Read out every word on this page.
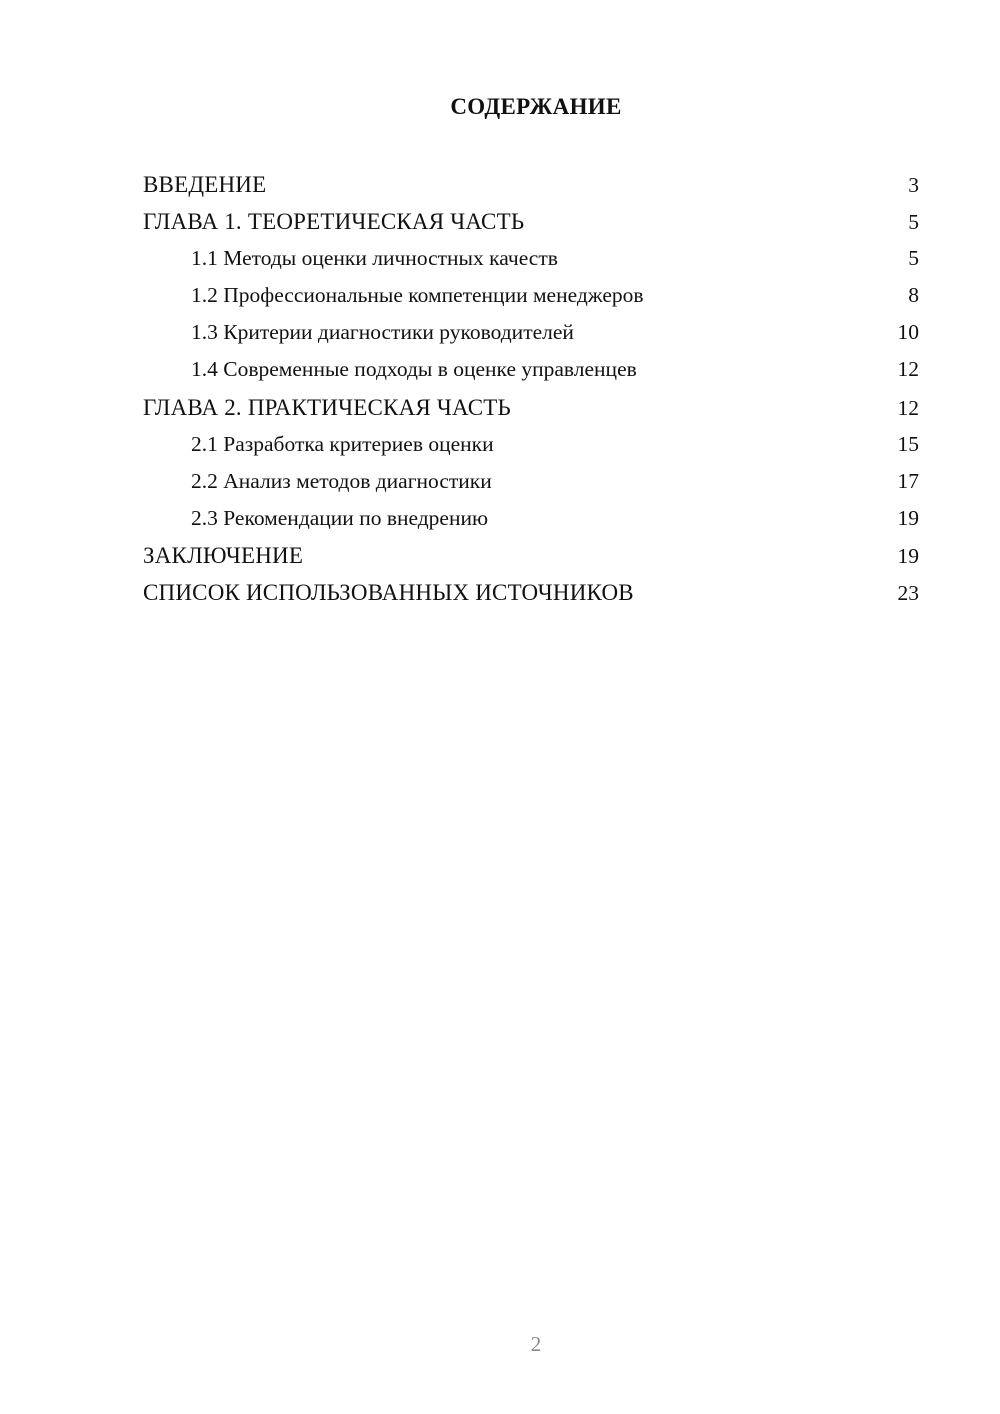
СОДЕРЖАНИЕ
ВВЕДЕНИЕ	3
ГЛАВА 1. ТЕОРЕТИЧЕСКАЯ ЧАСТЬ	5
1.1 Методы оценки личностных качеств	5
1.2 Профессиональные компетенции менеджеров	8
1.3 Критерии диагностики руководителей	10
1.4 Современные подходы в оценке управленцев	12
ГЛАВА 2. ПРАКТИЧЕСКАЯ ЧАСТЬ	12
2.1 Разработка критериев оценки	15
2.2 Анализ методов диагностики	17
2.3 Рекомендации по внедрению	19
ЗАКЛЮЧЕНИЕ	19
СПИСОК ИСПОЛЬЗОВАННЫХ ИСТОЧНИКОВ	23
2
